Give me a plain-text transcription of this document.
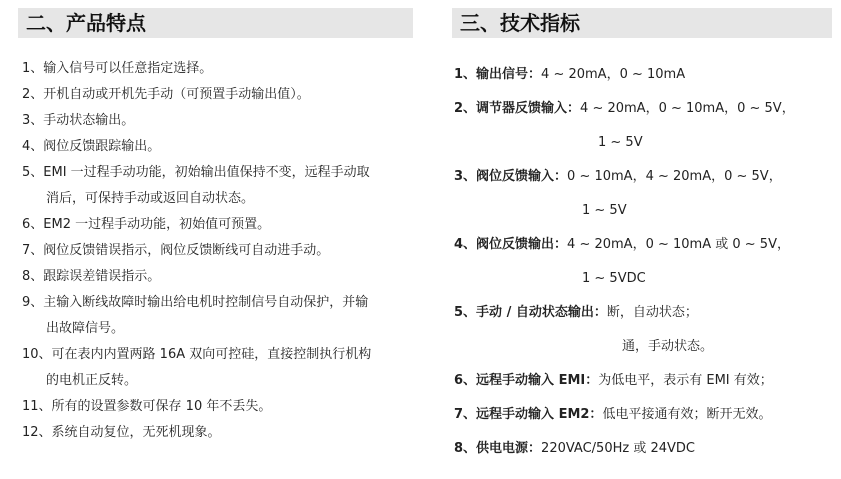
二、产品特点
1、输入信号可以任意指定选择。
2、开机自动或开机先手动（可预置手动输出值）。
3、手动状态输出。
4、阀位反馈跟踪输出。
5、EMI 一过程手动功能，初始输出值保持不变，远程手动取
消后，可保持手动或返回自动状态。
6、EM2 一过程手动功能，初始值可预置。
7、阀位反馈错误指示，阀位反馈断线可自动进手动。
8、跟踪误差错误指示。
9、主输入断线故障时输出给电机时控制信号自动保护，并输
出故障信号。
10、可在表内内置两路 16A 双向可控硅，直接控制执行机构
的电机正反转。
11、所有的设置参数可保存 10 年不丢失。
12、系统自动复位，无死机现象。
三、技术指标
1、输出信号：4 ~ 20mA，0 ~ 10mA
2、调节器反馈输入：4 ~ 20mA，0 ~ 10mA，0 ~ 5V，
1 ~ 5V
3、阀位反馈输入：0 ~ 10mA，4 ~ 20mA，0 ~ 5V，
1 ~ 5V
4、阀位反馈输出：4 ~ 20mA，0 ~ 10mA 或 0 ~ 5V，
1 ~ 5VDC
5、手动 / 自动状态输出：断，自动状态；
通，手动状态。
6、远程手动输入 EMI：为低电平，表示有 EMI 有效；
7、远程手动输入 EM2：低电平接通有效；断开无效。
8、供电电源：220VAC/50Hz 或 24VDC
